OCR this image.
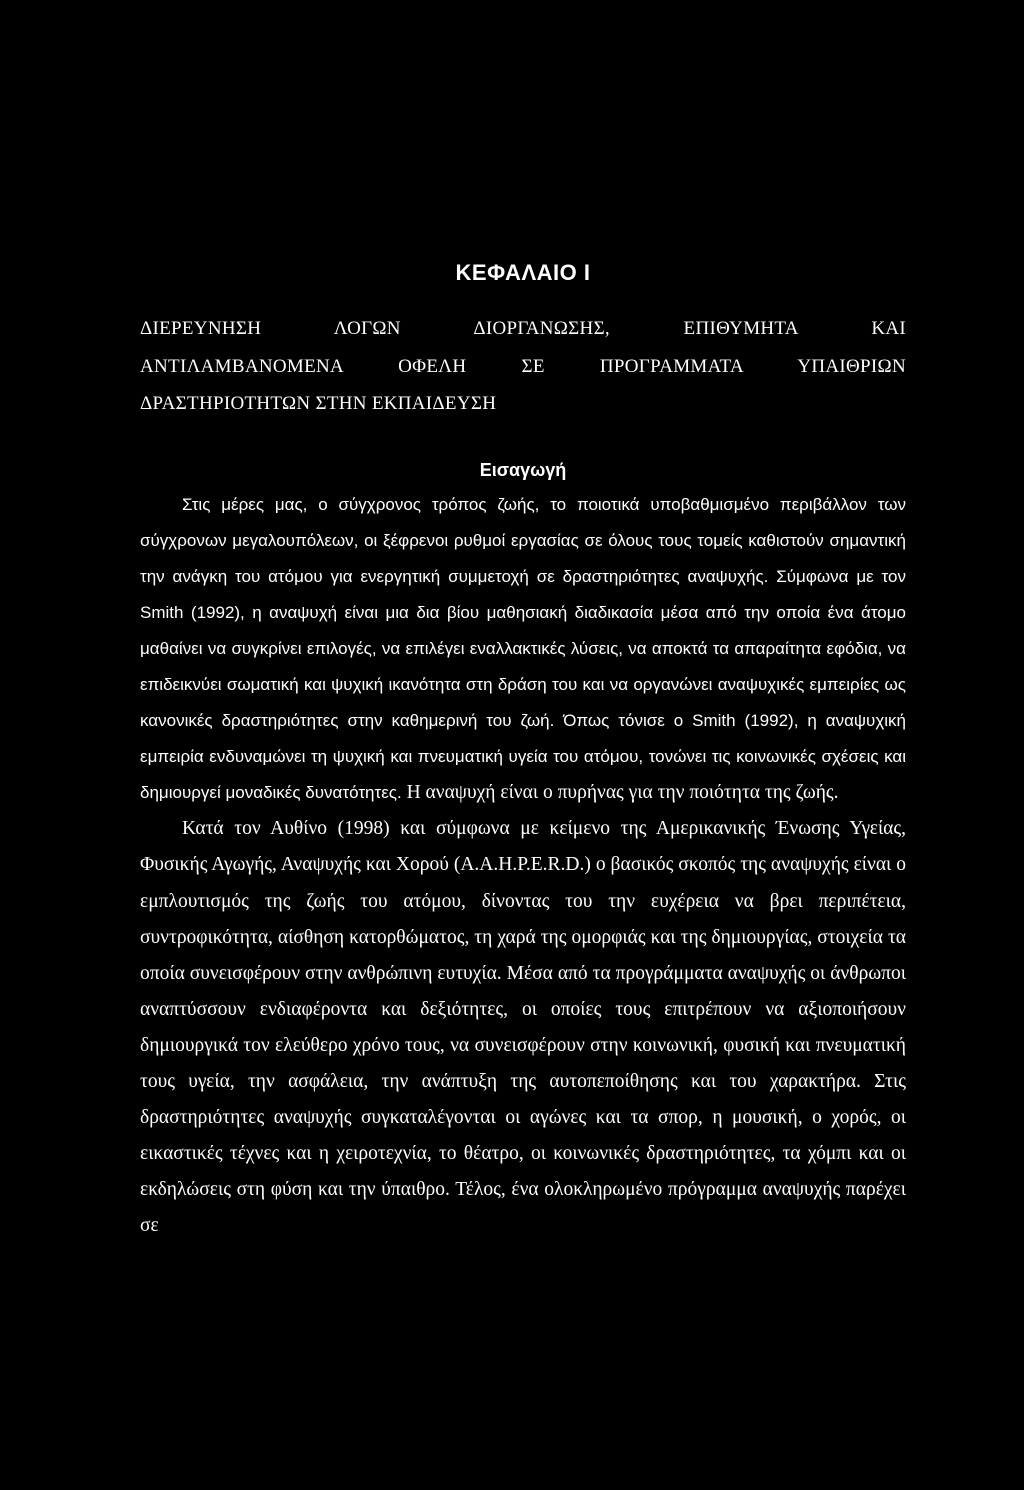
ΚΕΦΑΛΑΙΟ Ι

ΔΙΕΡΕΥΝΗΣΗ ΛΟΓΩΝ ΔΙΟΡΓΑΝΩΣΗΣ, ΕΠΙΘΥΜΗΤΑ ΚΑΙ

ΑΝΤΙΛΑΜΒΑΝΟΜΕΝΑ ΟΦΕΛΗ ΣΕ ΠΡΟΓΡΑΜΜΑΤΑ ΥΠΑΙΘΡΙΩΝ

ΔΡΑΣΤΗΡΙΟΤΗΤΩΝ ΣΤΗΝ ΕΚΠΑΙΔΕΥΣΗ

Εισαγωγή

Στις μέρες μας, ο σύγχρονος τρόπος ζωής, το ποιοτικά υποβαθμισμένο περιβάλλον των σύγχρονων μεγαλουπόλεων, οι ξέφρενοι ρυθμοί εργασίας σε όλους τους τομείς καθιστούν σημαντική την ανάγκη του ατόμου για ενεργητική συμμετοχή σε δραστηριότητες αναψυχής. Σύμφωνα με τον Smith (1992), η αναψυχή είναι μια δια βίου μαθησιακή διαδικασία μέσα από την οποία ένα άτομο μαθαίνει να συγκρίνει επιλογές, να επιλέγει εναλλακτικές λύσεις, να αποκτά τα απαραίτητα εφόδια, να επιδεικνύει σωματική και ψυχική ικανότητα στη δράση του και να οργανώνει αναψυχικές εμπειρίες ως κανονικές δραστηριότητες στην καθημερινή του ζωή. Όπως τόνισε ο Smith (1992), η αναψυχική εμπειρία ενδυναμώνει τη ψυχική και πνευματική υγεία του ατόμου, τονώνει τις κοινωνικές σχέσεις και δημιουργεί μοναδικές δυνατότητες. Η αναψυχή είναι ο πυρήνας για την ποιότητα της ζωής.

Κατά τον Αυθίνο (1998) και σύμφωνα με κείμενο της Αμερικανικής Ένωσης Υγείας, Φυσικής Αγωγής, Αναψυχής και Χορού (A.A.H.P.E.R.D.) ο βασικός σκοπός της αναψυχής είναι ο εμπλουτισμός της ζωής του ατόμου, δίνοντας του την ευχέρεια να βρει περιπέτεια, συντροφικότητα, αίσθηση κατορθώματος, τη χαρά της ομορφιάς και της δημιουργίας, στοιχεία τα οποία συνεισφέρουν στην ανθρώπινη ευτυχία. Μέσα από τα προγράμματα αναψυχής οι άνθρωποι αναπτύσσουν ενδιαφέροντα και δεξιότητες, οι οποίες τους επιτρέπουν να αξιοποιήσουν δημιουργικά τον ελεύθερο χρόνο τους, να συνεισφέρουν στην κοινωνική, φυσική και πνευματική τους υγεία, την ασφάλεια, την ανάπτυξη της αυτοπεποίθησης και του χαρακτήρα. Στις δραστηριότητες αναψυχής συγκαταλέγονται οι αγώνες και τα σπορ, η μουσική, ο χορός, οι εικαστικές τέχνες και η χειροτεχνία, το θέατρο, οι κοινωνικές δραστηριότητες, τα χόμπι και οι εκδηλώσεις στη φύση και την ύπαιθρο. Τέλος, ένα ολοκληρωμένο πρόγραμμα αναψυχής παρέχει σε
